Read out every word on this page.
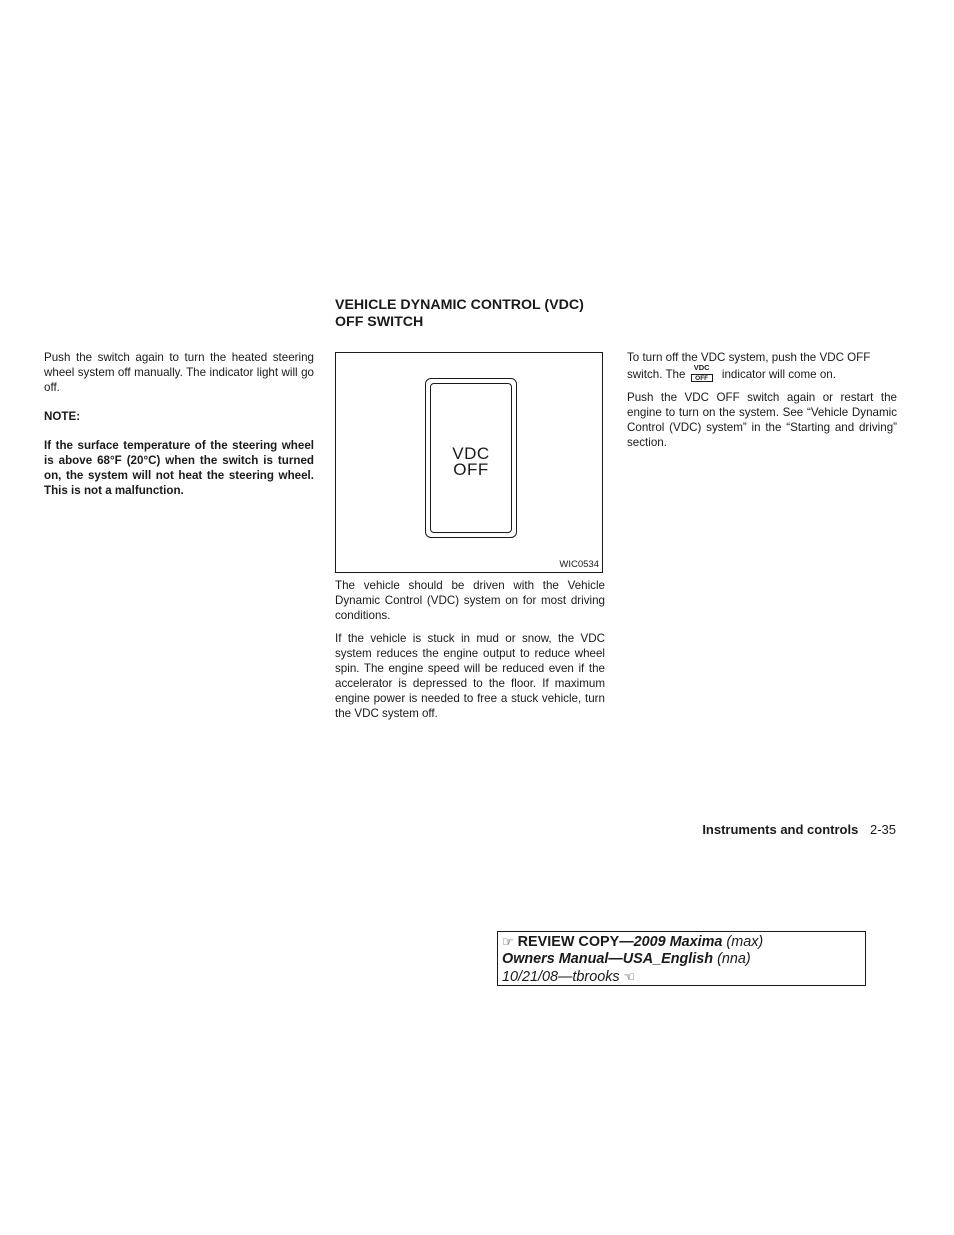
Push the switch again to turn the heated steering wheel system off manually. The indicator light will go off.

NOTE:

If the surface temperature of the steering wheel is above 68°F (20°C) when the switch is turned on, the system will not heat the steering wheel. This is not a malfunction.

VEHICLE DYNAMIC CONTROL (VDC)
OFF SWITCH
VDC
OFF
WIC0534

The vehicle should be driven with the Vehicle Dynamic Control (VDC) system on for most driving conditions.

If the vehicle is stuck in mud or snow, the VDC system reduces the engine output to reduce wheel spin. The engine speed will be reduced even if the accelerator is depressed to the floor. If maximum engine power is needed to free a stuck vehicle, turn the VDC system off.

To turn off the VDC system, push the VDC OFF switch. The
VDC
OFF	indicator will come on.

Push the VDC OFF switch again or restart the engine to turn on the system. See “Vehicle Dynamic Control (VDC) system” in the “Starting and driving” section.

Instruments and controls 2-35
☞ REVIEW COPY—2009 Maxima (max)
Owners Manual—USA_English (nna)
10/21/08—tbrooks ☜
